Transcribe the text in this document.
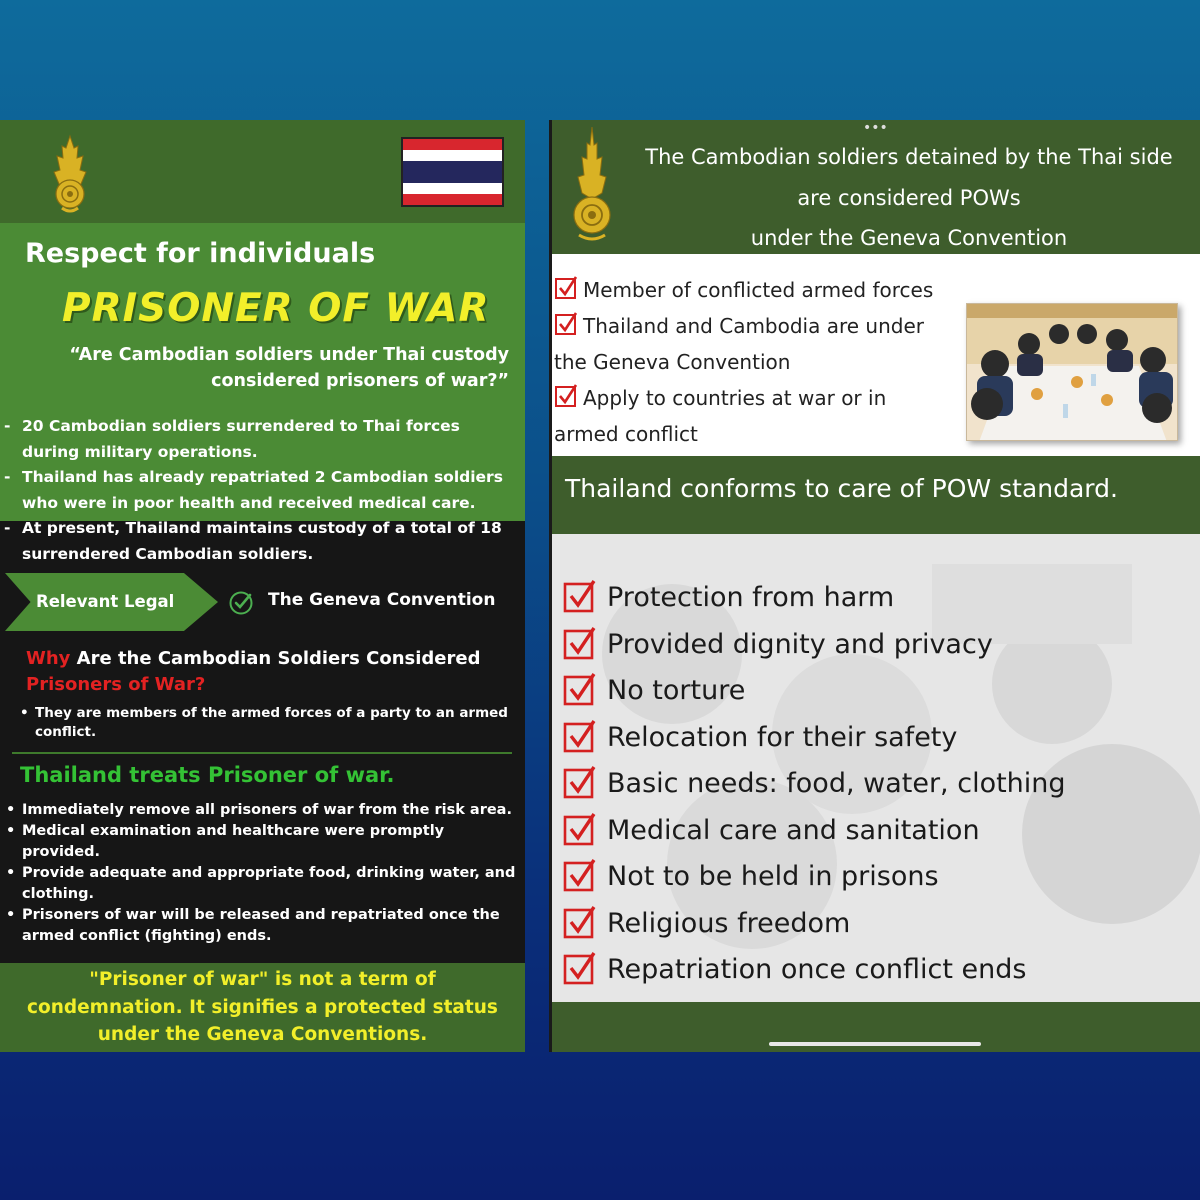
Respect for individuals
PRISONER OF WAR
“Are Cambodian soldiers under Thai custody
considered prisoners of war?”
- 20 Cambodian soldiers surrendered to Thai forces
during military operations.
- Thailand has already repatriated 2 Cambodian soldiers
who were in poor health and received medical care.
- At present, Thailand maintains custody of a total of 18
surrendered Cambodian soldiers.
Relevant Legal	The Geneva Convention
Why Are the Cambodian Soldiers Considered
Prisoners of War?
• They are members of the armed forces of a party to an armed
conflict.
Thailand treats Prisoner of war.
• Immediately remove all prisoners of war from the risk area.
• Medical examination and healthcare were promptly
provided.
• Provide adequate and appropriate food, drinking water, and
clothing.
• Prisoners of war will be released and repatriated once the
armed conflict (fighting) ends.
"Prisoner of war" is not a term of
condemnation. It signifies a protected status
under the Geneva Conventions.
•••
The Cambodian soldiers detained by the Thai side
are considered POWs
under the Geneva Convention
Member of conflicted armed forces
Thailand and Cambodia are under
the Geneva Convention
Apply to countries at war or in
armed conflict
Thailand conforms to care of POW standard.
Protection from harm
Provided dignity and privacy
No torture
Relocation for their safety
Basic needs: food, water, clothing
Medical care and sanitation
Not to be held in prisons
Religious freedom
Repatriation once conflict ends
